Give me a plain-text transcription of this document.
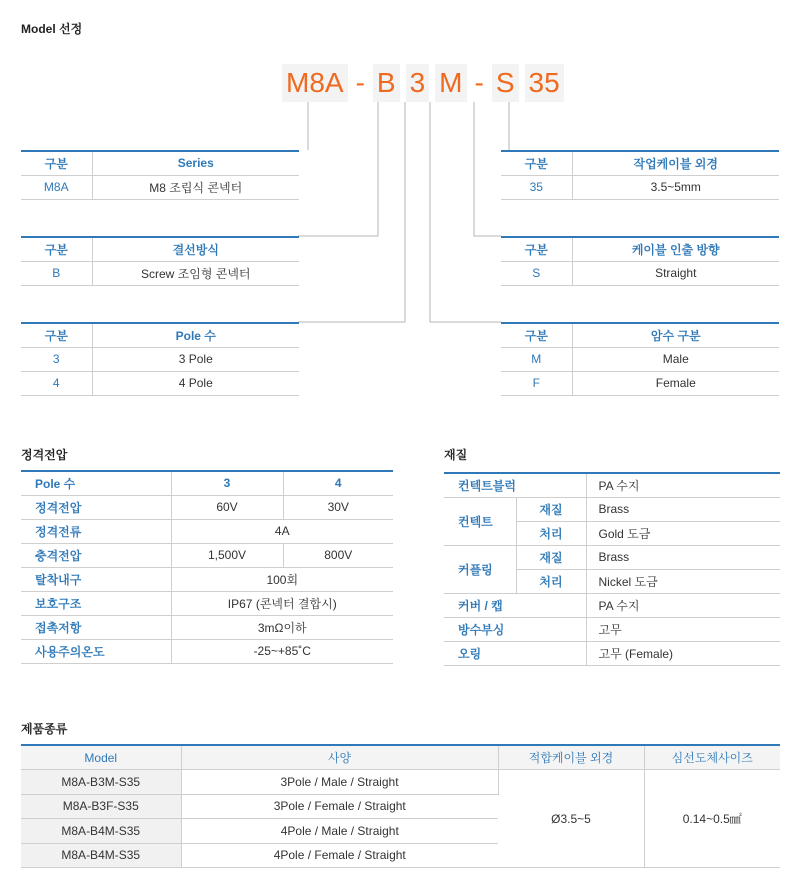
Model 선정
M8A - B 3 M - S 35
구분	Series
M8A	M8 조립식 콘넥터
구분	결선방식
B	Screw 조임형 콘넥터
구분	Pole 수
3	3 Pole
4	4 Pole
구분	작업케이블 외경
35	3.5~5mm
구분	케이블 인출 방향
S	Straight
구분	암수 구분
M	Male
F	Female
정격전압
Pole 수	3	4
정격전압	60V	30V
정격전류	4A	
충격전압	1,500V	800V
탈착내구	100회	
보호구조	IP67 (콘넥터 결합시)	
접촉저항	3mΩ이하	
사용주의온도	-25~+85˚C	
재질
컨텍트블럭		PA 수지
컨텍트	재질	Brass
	처리	Gold 도금
커플링	재질	Brass
	처리	Nickel 도금
커버 / 캡		PA 수지
방수부싱		고무
오링		고무 (Female)
제품종류
Model	사양	적합케이블 외경	심선도체사이즈
M8A-B3M-S35	3Pole / Male / Straight	Ø3.5~5	0.14~0.5㎟
M8A-B3F-S35	3Pole / Female / Straight		
M8A-B4M-S35	4Pole / Male / Straight		
M8A-B4M-S35	4Pole / Female / Straight		
